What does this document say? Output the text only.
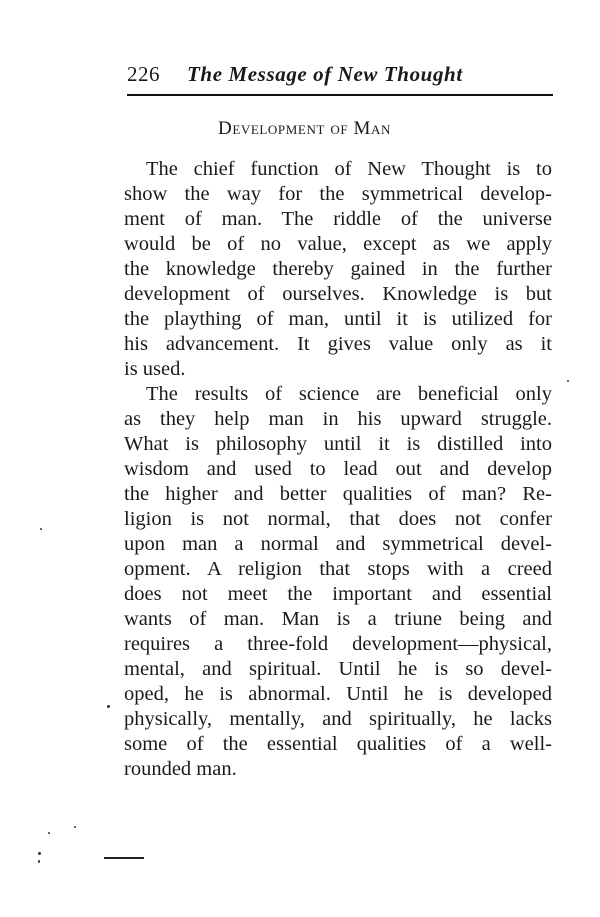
226 The Message of New Thought
Development of Man
The chief function of New Thought is to
show the way for the symmetrical develop-
ment of man. The riddle of the universe
would be of no value, except as we apply
the knowledge thereby gained in the further
development of ourselves. Knowledge is but
the plaything of man, until it is utilized for
his advancement. It gives value only as it
is used.
The results of science are beneficial only
as they help man in his upward struggle.
What is philosophy until it is distilled into
wisdom and used to lead out and develop
the higher and better qualities of man? Re-
ligion is not normal, that does not confer
upon man a normal and symmetrical devel-
opment. A religion that stops with a creed
does not meet the important and essential
wants of man. Man is a triune being and
requires a three-fold development—physical,
mental, and spiritual. Until he is so devel-
oped, he is abnormal. Until he is developed
physically, mentally, and spiritually, he lacks
some of the essential qualities of a well-
rounded man.
